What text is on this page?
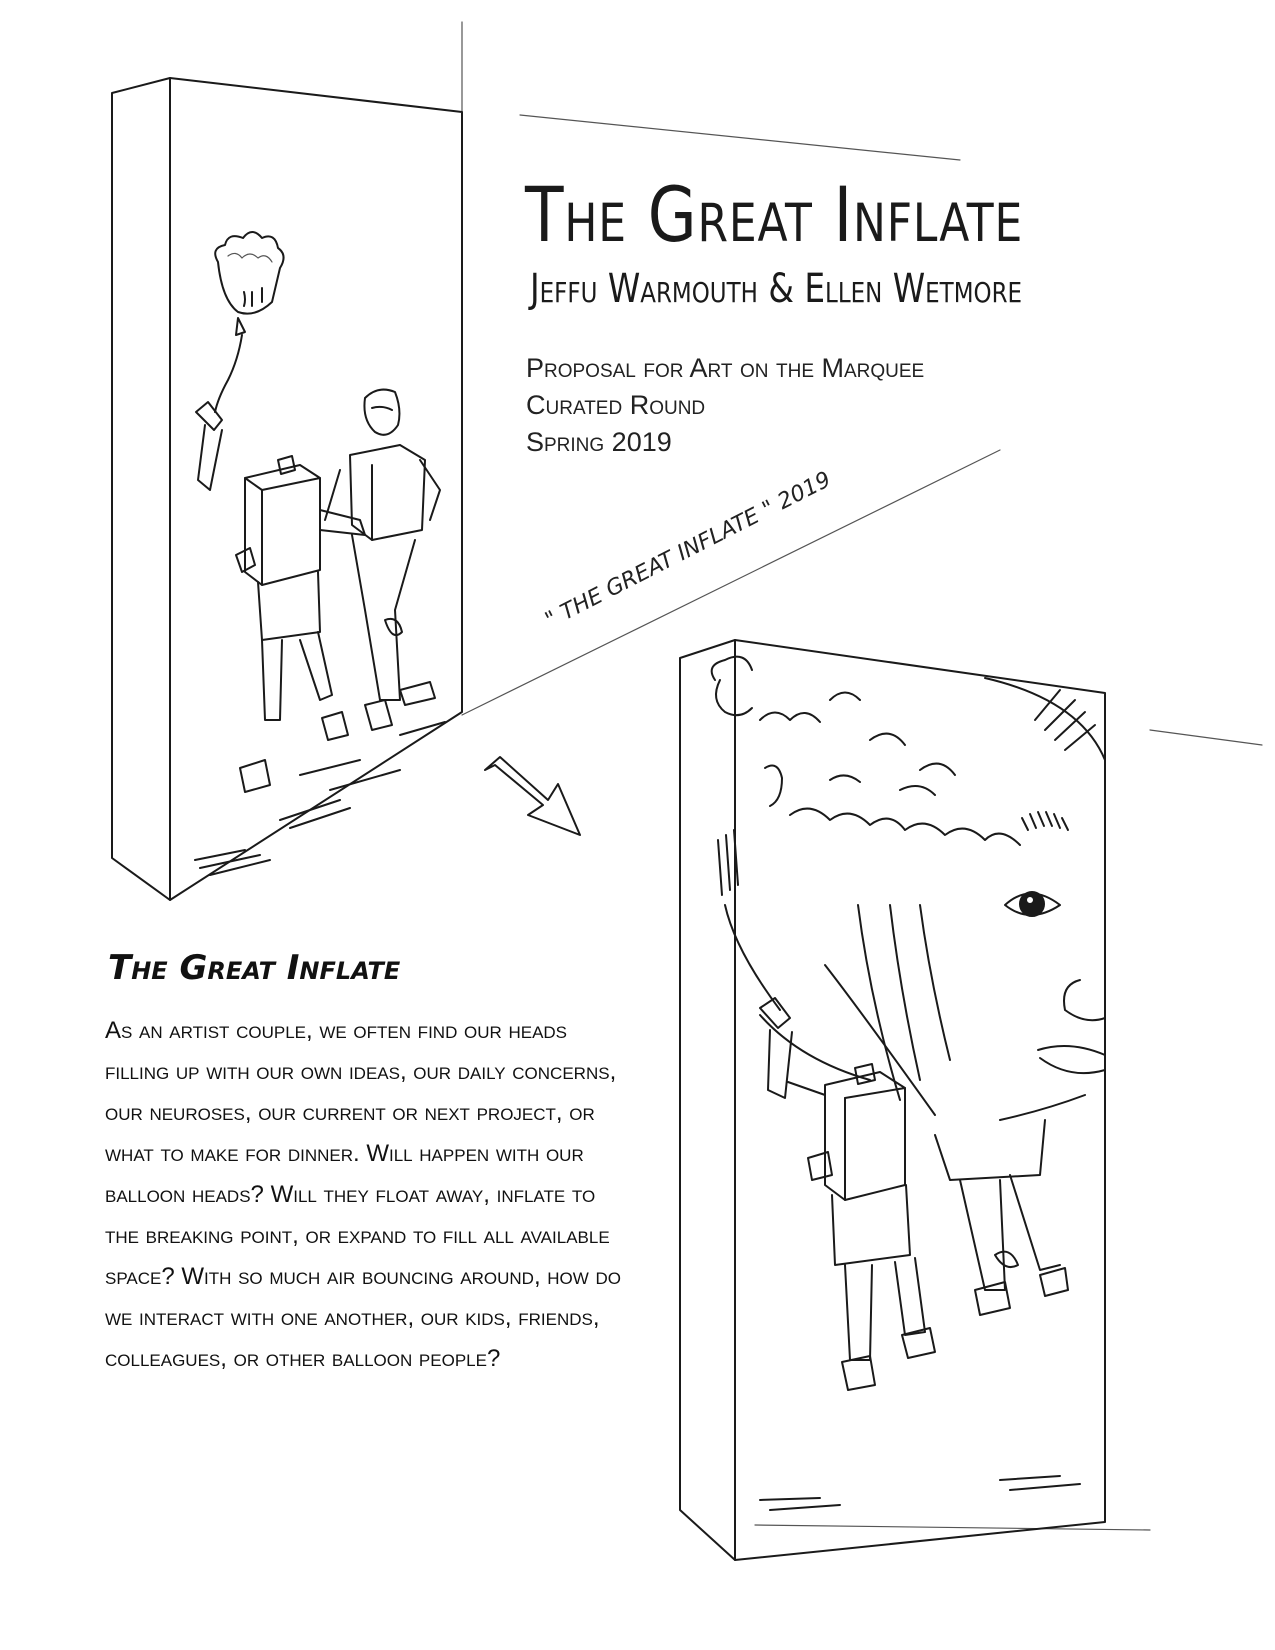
" THE GREAT INFLATE " 2019
The Great Inflate
Jeffu Warmouth & Ellen Wetmore
Proposal for Art on the Marquee
Curated Round
Spring 2019
The Great Inflate
As an artist couple, we often find our heads filling up with our own ideas, our daily concerns, our neuroses, our current or next project, or what to make for dinner. Will happen with our balloon heads? Will they float away, inflate to the breaking point, or expand to fill all available space? With so much air bouncing around, how do we interact with one another, our kids, friends, colleagues, or other balloon people?
